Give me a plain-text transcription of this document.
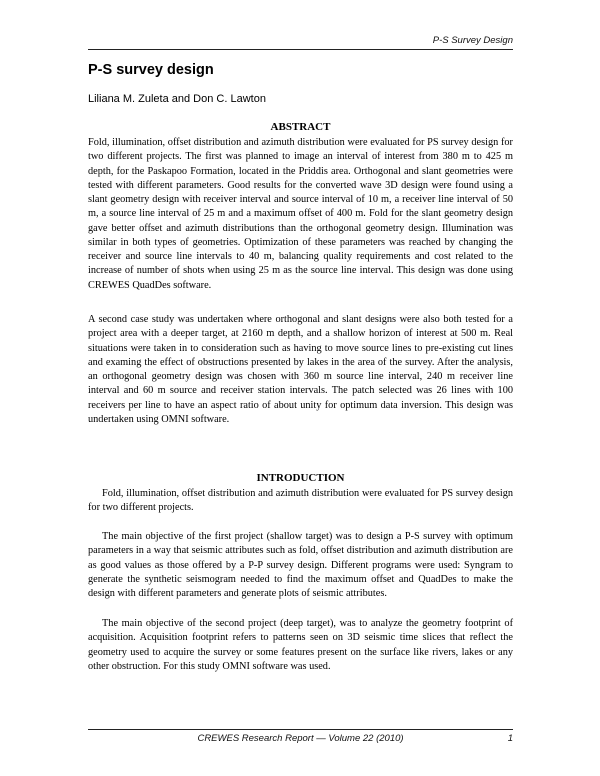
P-S Survey Design
P-S survey design
Liliana M. Zuleta and Don C. Lawton
ABSTRACT

Fold, illumination, offset distribution and azimuth distribution were evaluated for PS survey design for two different projects. The first was planned to image an interval of interest from 380 m to 425 m depth, for the Paskapoo Formation, located in the Priddis area. Orthogonal and slant geometries were tested with different parameters. Good results for the converted wave 3D design were found using a slant geometry design with receiver interval and source interval of 10 m, a receiver line interval of 50 m, a source line interval of 25 m and a maximum offset of 400 m. Fold for the slant geometry design gave better offset and azimuth distributions than the orthogonal geometry design. Illumination was similar in both types of geometries. Optimization of these parameters was reached by changing the receiver and source line intervals to 40 m, balancing quality requirements and cost related to the increase of number of shots when using 25 m as the source line interval. This design was done using CREWES QuadDes software.

A second case study was undertaken where orthogonal and slant designs were also both tested for a project area with a deeper target, at 2160 m depth, and a shallow horizon of interest at 500 m. Real situations were taken in to consideration such as having to move source lines to pre-existing cut lines and examing the effect of obstructions presented by lakes in the area of the survey. After the analysis, an orthogonal geometry design was chosen with 360 m source line interval, 240 m receiver line interval and 60 m source and receiver station intervals. The patch selected was 26 lines with 100 receivers per line to have an aspect ratio of about unity for optimum data inversion. This design was undertaken using OMNI software.

INTRODUCTION

Fold, illumination, offset distribution and azimuth distribution were evaluated for PS survey design for two different projects.

The main objective of the first project (shallow target) was to design a P-S survey with optimum parameters in a way that seismic attributes such as fold, offset distribution and azimuth distribution are as good values as those offered by a P-P survey design. Different programs were used: Syngram to generate the synthetic seismogram needed to find the maximum offset and QuadDes to make the design with different parameters and generate plots of seismic attributes.

The main objective of the second project (deep target), was to analyze the geometry footprint of acquisition. Acquisition footprint refers to patterns seen on 3D seismic time slices that reflect the geometry used to acquire the survey or some features present on the surface like rivers, lakes or any other obstruction. For this study OMNI software was used.

CREWES Research Report — Volume 22 (2010)	1
